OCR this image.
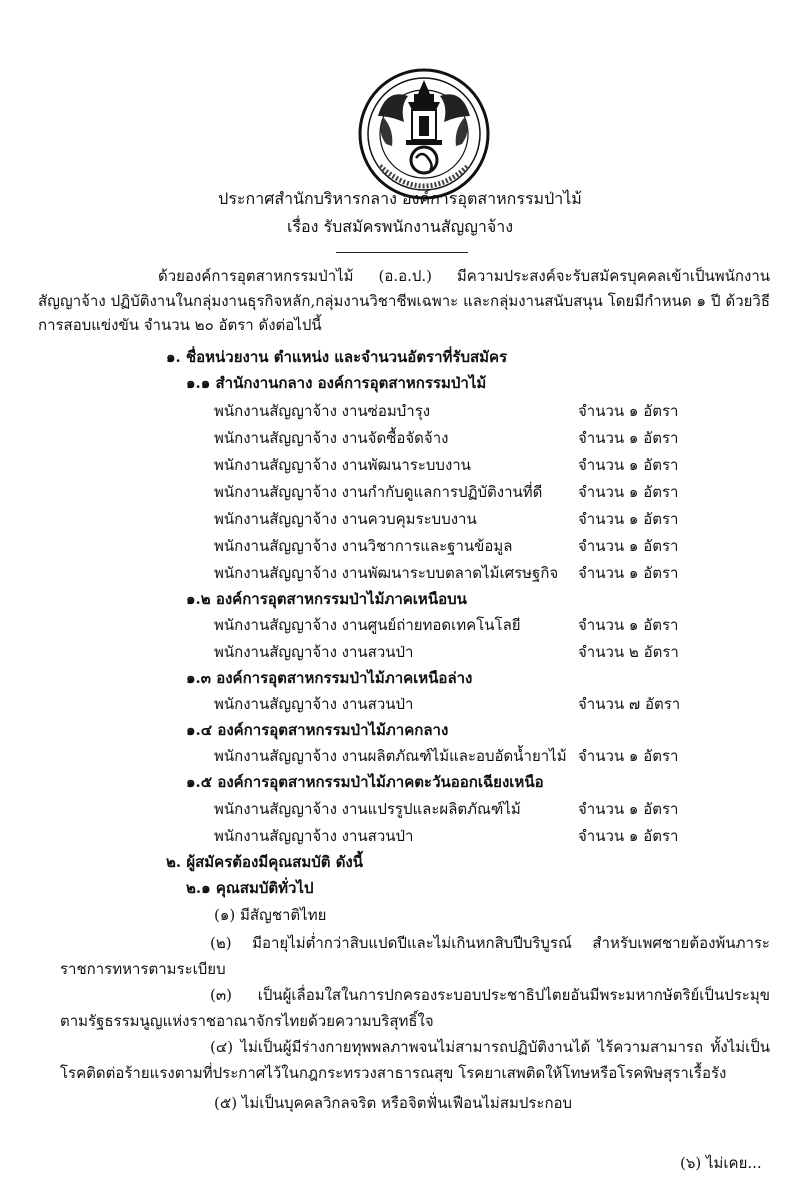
ประกาศสำนักบริหารกลาง องค์การอุตสาหกรรมป่าไม้
เรื่อง รับสมัครพนักงานสัญญาจ้าง
ด้วยองค์การอุตสาหกรรมป่าไม้ (อ.อ.ป.) มีความประสงค์จะรับสมัครบุคคลเข้าเป็นพนักงานสัญญาจ้าง ปฏิบัติงานในกลุ่มงานธุรกิจหลัก,กลุ่มงานวิชาชีพเฉพาะ และกลุ่มงานสนับสนุน โดยมีกำหนด ๑ ปี ด้วยวิธีการสอบแข่งขัน จำนวน ๒๐ อัตรา ดังต่อไปนี้
๑. ชื่อหน่วยงาน ตำแหน่ง และจำนวนอัตราที่รับสมัคร
๑.๑ สำนักงานกลาง องค์การอุตสาหกรรมป่าไม้
พนักงานสัญญาจ้าง งานซ่อมบำรุง	จำนวน ๑ อัตรา
พนักงานสัญญาจ้าง งานจัดซื้อจัดจ้าง	จำนวน ๑ อัตรา
พนักงานสัญญาจ้าง งานพัฒนาระบบงาน	จำนวน ๑ อัตรา
พนักงานสัญญาจ้าง งานกำกับดูแลการปฏิบัติงานที่ดี จำนวน ๑ อัตรา
พนักงานสัญญาจ้าง งานควบคุมระบบงาน	จำนวน ๑ อัตรา
พนักงานสัญญาจ้าง งานวิชาการและฐานข้อมูล	จำนวน ๑ อัตรา
พนักงานสัญญาจ้าง งานพัฒนาระบบตลาดไม้เศรษฐกิจ จำนวน ๑ อัตรา
๑.๒ องค์การอุตสาหกรรมป่าไม้ภาคเหนือบน
พนักงานสัญญาจ้าง งานศูนย์ถ่ายทอดเทคโนโลยี	จำนวน ๑ อัตรา
พนักงานสัญญาจ้าง งานสวนป่า	จำนวน ๒ อัตรา
๑.๓ องค์การอุตสาหกรรมป่าไม้ภาคเหนือล่าง
พนักงานสัญญาจ้าง งานสวนป่า	จำนวน ๗ อัตรา
๑.๔ องค์การอุตสาหกรรมป่าไม้ภาคกลาง
พนักงานสัญญาจ้าง งานผลิตภัณฑ์ไม้และอบอัดน้ำยาไม้ จำนวน ๑ อัตรา
๑.๕ องค์การอุตสาหกรรมป่าไม้ภาคตะวันออกเฉียงเหนือ
พนักงานสัญญาจ้าง งานแปรรูปและผลิตภัณฑ์ไม้	จำนวน ๑ อัตรา
พนักงานสัญญาจ้าง งานสวนป่า	จำนวน ๑ อัตรา
๒. ผู้สมัครต้องมีคุณสมบัติ ดังนี้
๒.๑ คุณสมบัติทั่วไป
(๑) มีสัญชาติไทย
(๒) มีอายุไม่ต่ำกว่าสิบแปดปีและไม่เกินหกสิบปีบริบูรณ์ สำหรับเพศชายต้องพ้นภาระราชการทหารตามระเบียบ
(๓) เป็นผู้เลื่อมใสในการปกครองระบอบประชาธิปไตยอันมีพระมหากษัตริย์เป็นประมุขตามรัฐธรรมนูญแห่งราชอาณาจักรไทยด้วยความบริสุทธิ์ใจ
(๔) ไม่เป็นผู้มีร่างกายทุพพลภาพจนไม่สามารถปฏิบัติงานได้ ไร้ความสามารถ ทั้งไม่เป็นโรคติดต่อร้ายแรงตามที่ประกาศไว้ในกฎกระทรวงสาธารณสุข โรคยาเสพติดให้โทษหรือโรคพิษสุราเรื้อรัง
(๕) ไม่เป็นบุคคลวิกลจริต หรือจิตฟั่นเฟือนไม่สมประกอบ
(๖) ไม่เคย...
